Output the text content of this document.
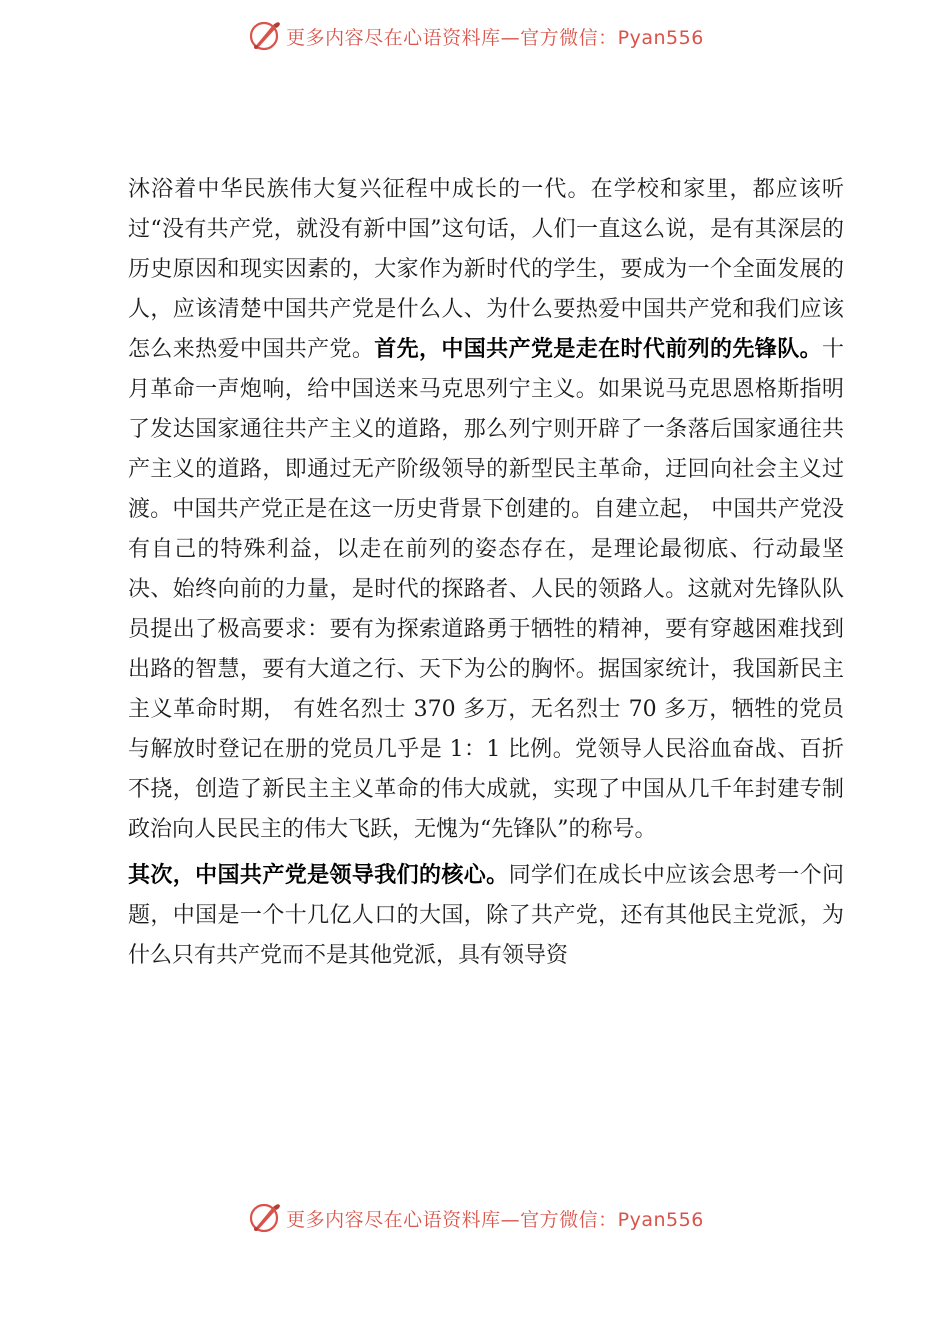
更多内容尽在心语资料库—官方微信：Pyan556

沐浴着中华民族伟大复兴征程中成长的一代。在学校和家里，都应该听过“没有共产党，就没有新中国”这句话，人们一直这么说，是有其深层的历史原因和现实因素的，大家作为新时代的学生，要成为一个全面发展的人，应该清楚中国共产党是什么人、为什么要热爱中国共产党和我们应该怎么来热爱中国共产党。首先，中国共产党是走在时代前列的先锋队。十月革命一声炮响，给中国送来马克思列宁主义。如果说马克思恩格斯指明了发达国家通往共产主义的道路，那么列宁则开辟了一条落后国家通往共产主义的道路，即通过无产阶级领导的新型民主革命，迂回向社会主义过渡。中国共产党正是在这一历史背景下创建的。自建立起， 中国共产党没有自己的特殊利益，以走在前列的姿态存在，是理论最彻底、行动最坚决、始终向前的力量，是时代的探路者、人民的领路人。这就对先锋队队员提出了极高要求：要有为探索道路勇于牺牲的精神，要有穿越困难找到出路的智慧，要有大道之行、天下为公的胸怀。据国家统计，我国新民主主义革命时期， 有姓名烈士 370 多万，无名烈士 70 多万，牺牲的党员与解放时登记在册的党员几乎是 1：1 比例。党领导人民浴血奋战、百折不挠，创造了新民主主义革命的伟大成就，实现了中国从几千年封建专制政治向人民民主的伟大飞跃，无愧为“先锋队”的称号。

其次，中国共产党是领导我们的核心。同学们在成长中应该会思考一个问题，中国是一个十几亿人口的大国，除了共产党，还有其他民主党派，为什么只有共产党而不是其他党派，具有领导资

更多内容尽在心语资料库—官方微信：Pyan556
